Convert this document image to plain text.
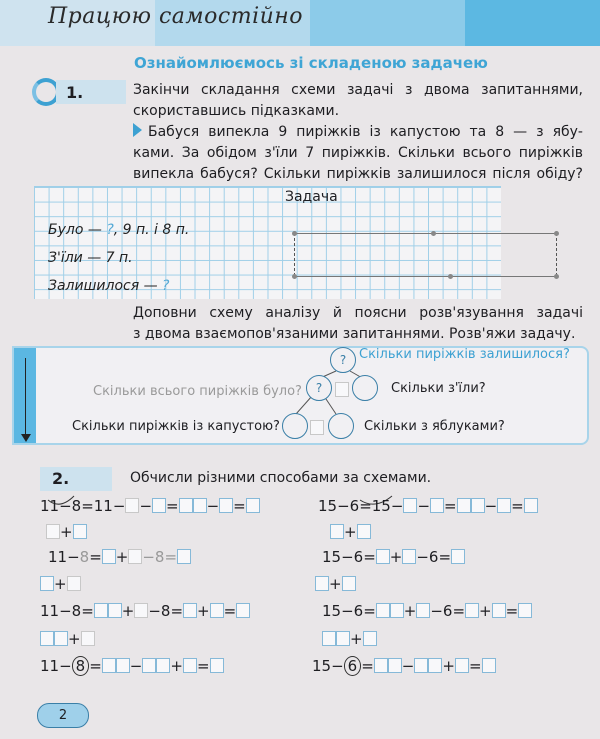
Працюю самостійно
Ознайомлюємось зі складеною задачею
1.	Закінчи складання схеми задачі з двома запитаннями,
скориставшись підказками.
Бабуся випекла 9 пиріжків із капустою та 8 — з ябу-
ками. За обідом з'їли 7 пиріжків. Скільки всього пиріжків
випекла бабуся? Скільки пиріжків залишилося після обіду?
Задача
Було — ?, 9 п. і 8 п.
З'їли — 7 п.
Залишилося — ?
Доповни схему аналізу й поясни розв'язування задачі
з двома взаємопов'язаними запитаннями. Розв'яжи задачу.
? Скільки пиріжків залишилося?
Скільки всього пиріжків було?	?	Скільки з'їли?
Скільки пиріжків із капустою?	Скільки з яблуками?
2.	Обчисли різними способами за схемами.
11−8=11− − = − =
+
11−8= + −8=
+
11−8= + −8= + =
+
11− 8 = − + =
15−6=15− − = − =
+
15−6= + −6=
+
15−6= + −6= + =
+
15− 6 = − + =
2
